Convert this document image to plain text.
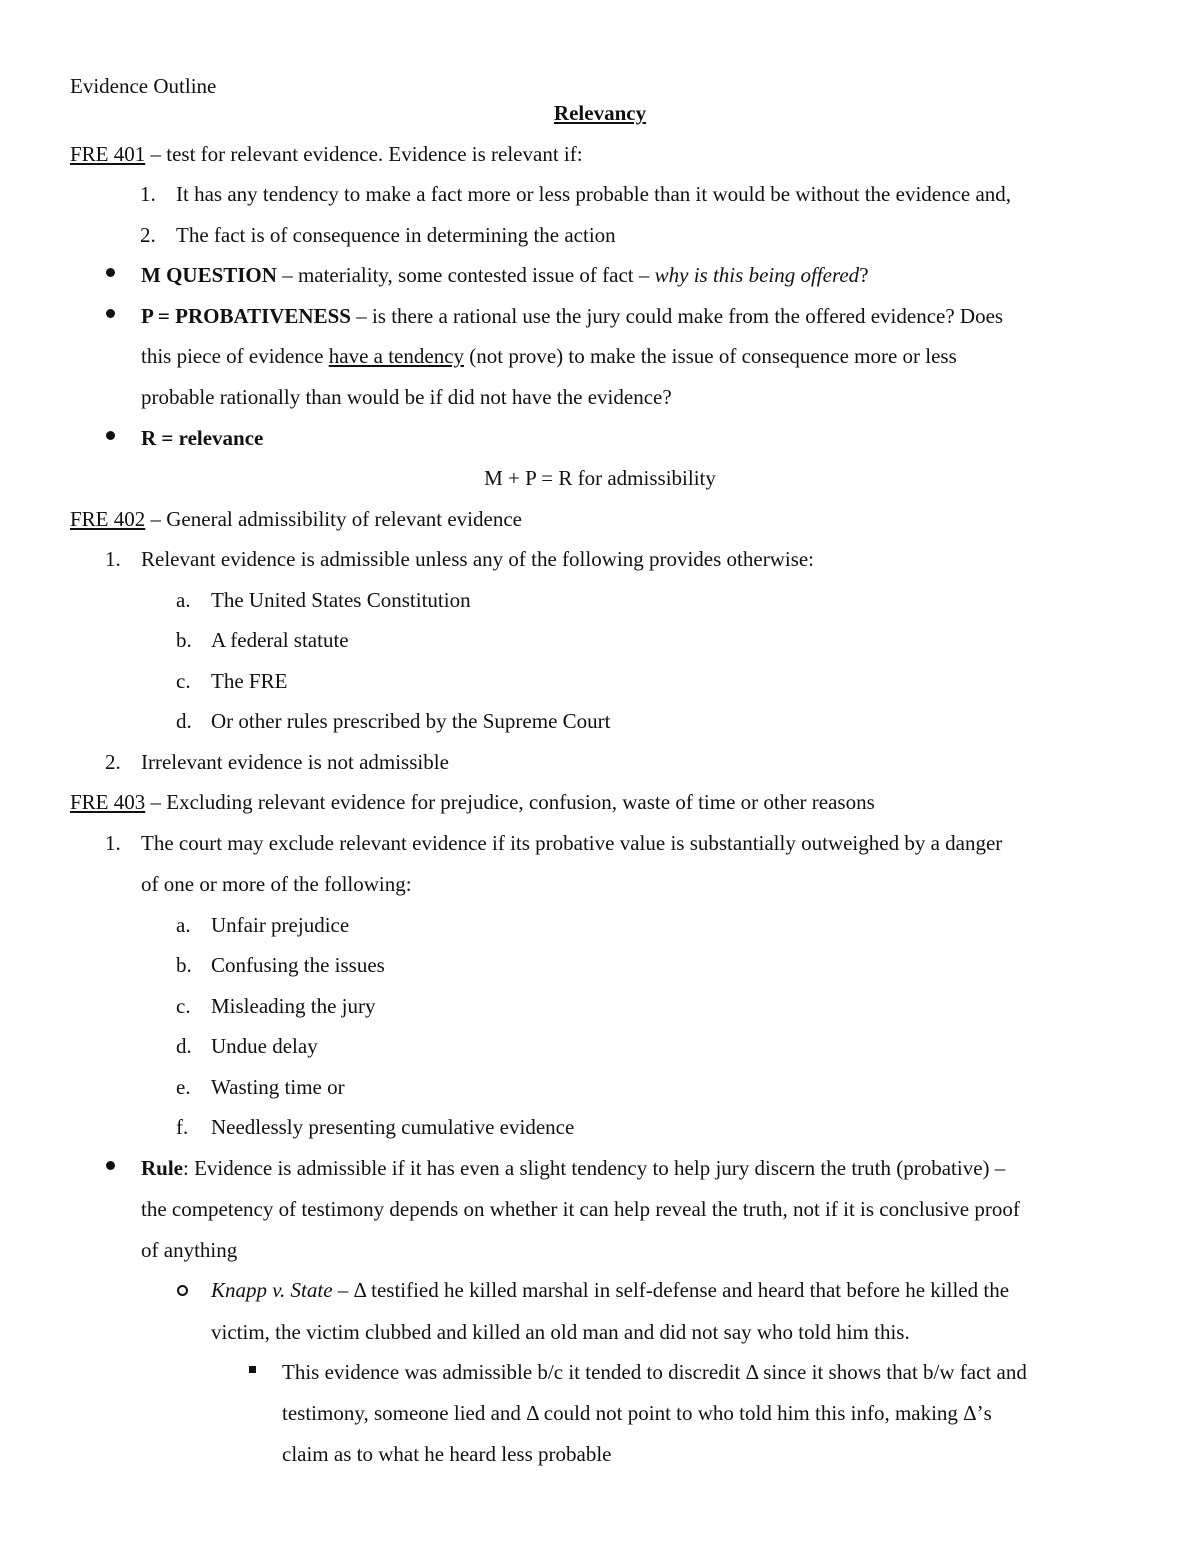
Evidence Outline
Relevancy
FRE 401 – test for relevant evidence. Evidence is relevant if:
1. It has any tendency to make a fact more or less probable than it would be without the evidence and,
2. The fact is of consequence in determining the action
M QUESTION – materiality, some contested issue of fact – why is this being offered?
P = PROBATIVENESS – is there a rational use the jury could make from the offered evidence? Does
this piece of evidence have a tendency (not prove) to make the issue of consequence more or less
probable rationally than would be if did not have the evidence?
R = relevance
M + P = R for admissibility
FRE 402 – General admissibility of relevant evidence
1. Relevant evidence is admissible unless any of the following provides otherwise:
a. The United States Constitution
b. A federal statute
c. The FRE
d. Or other rules prescribed by the Supreme Court
2. Irrelevant evidence is not admissible
FRE 403 – Excluding relevant evidence for prejudice, confusion, waste of time or other reasons
1. The court may exclude relevant evidence if its probative value is substantially outweighed by a danger
of one or more of the following:
a. Unfair prejudice
b. Confusing the issues
c. Misleading the jury
d. Undue delay
e. Wasting time or
f. Needlessly presenting cumulative evidence
Rule: Evidence is admissible if it has even a slight tendency to help jury discern the truth (probative) –
the competency of testimony depends on whether it can help reveal the truth, not if it is conclusive proof
of anything
Knapp v. State – Δ testified he killed marshal in self-defense and heard that before he killed the
victim, the victim clubbed and killed an old man and did not say who told him this.
This evidence was admissible b/c it tended to discredit Δ since it shows that b/w fact and
testimony, someone lied and Δ could not point to who told him this info, making Δ’s
claim as to what he heard less probable
